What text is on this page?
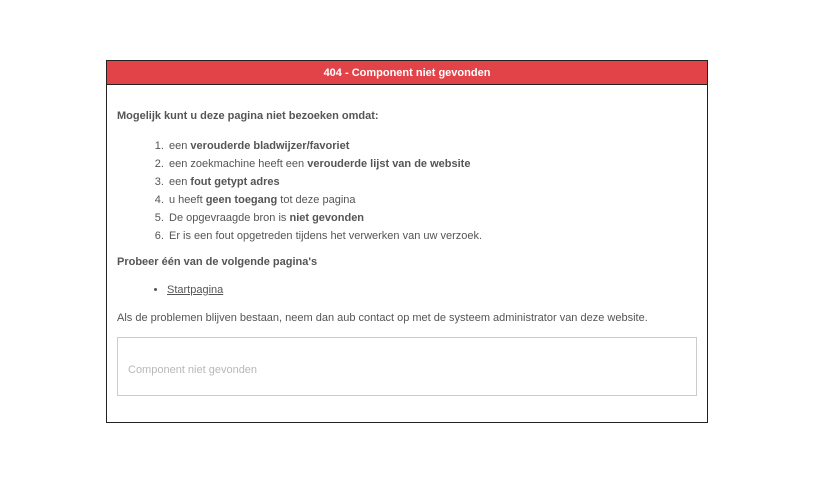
404 - Component niet gevonden

Mogelijk kunt u deze pagina niet bezoeken omdat:

1. een verouderde bladwijzer/favoriet
2. een zoekmachine heeft een verouderde lijst van de website
3. een fout getypt adres
4. u heeft geen toegang tot deze pagina
5. De opgevraagde bron is niet gevonden
6. Er is een fout opgetreden tijdens het verwerken van uw verzoek.

Probeer één van de volgende pagina's

• Startpagina

Als de problemen blijven bestaan, neem dan aub contact op met de systeem administrator van deze website.

Component niet gevonden
